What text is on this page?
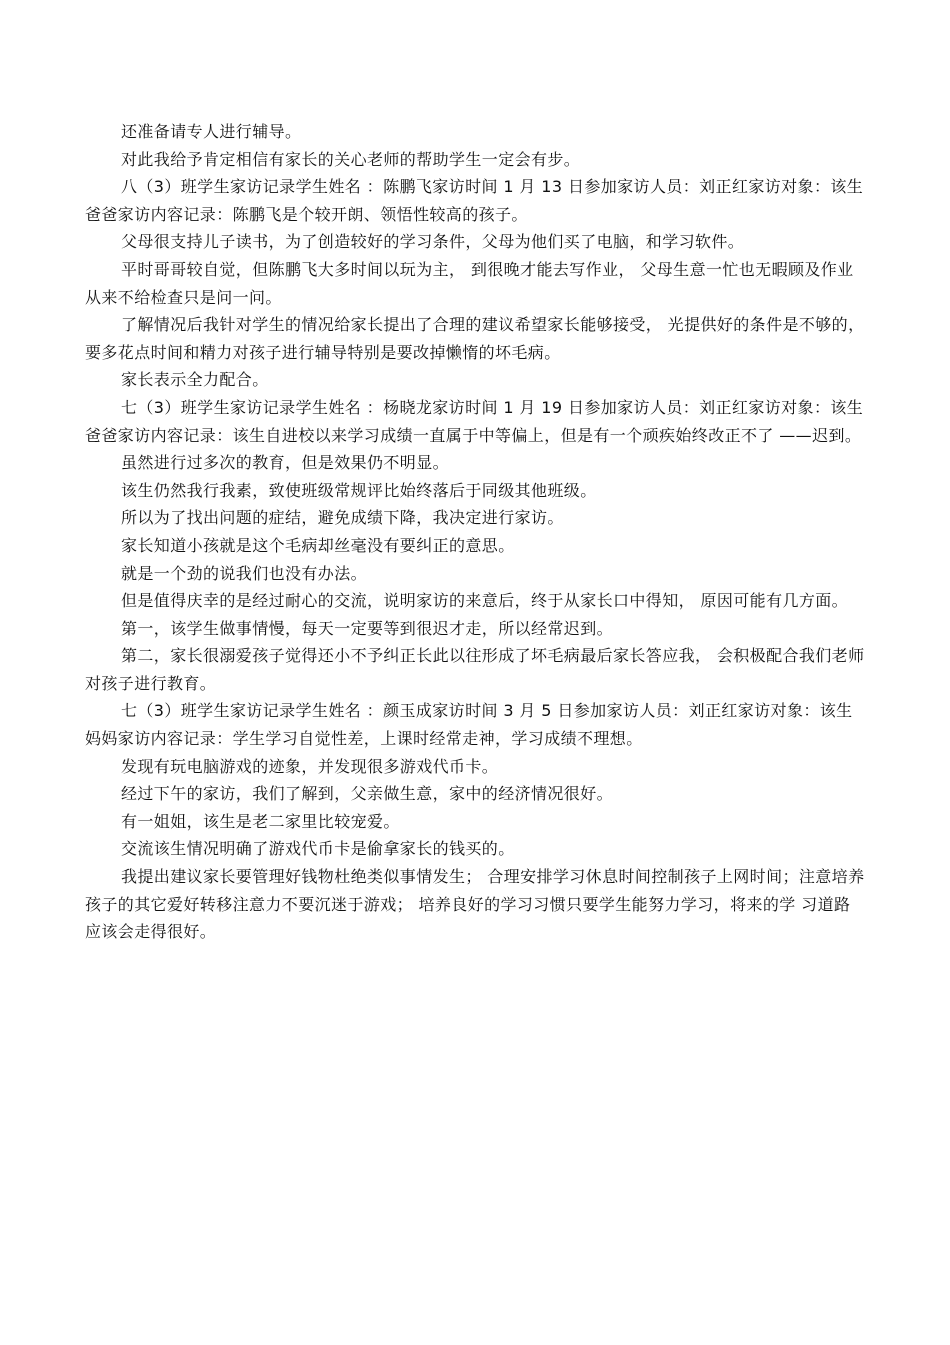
还准备请专人进行辅导。

对此我给予肯定相信有家长的关心老师的帮助学生一定会有步。

八（3）班学生家访记录学生姓名 ：陈鹏飞家访时间 1 月 13 日参加家访人员：刘正红家访对象：该生爸爸家访内容记录：陈鹏飞是个较开朗、领悟性较高的孩子。

父母很支持儿子读书，为了创造较好的学习条件，父母为他们买了电脑，和学习软件。

平时哥哥较自觉，但陈鹏飞大多时间以玩为主， 到很晚才能去写作业， 父母生意一忙也无暇顾及作业从来不给检查只是问一问。

了解情况后我针对学生的情况给家长提出了合理的建议希望家长能够接受， 光提供好的条件是不够的，要多花点时间和精力对孩子进行辅导特别是要改掉懒惰的坏毛病。

家长表示全力配合。

七（3）班学生家访记录学生姓名 ：杨晓龙家访时间 1 月 19 日参加家访人员：刘正红家访对象：该生爸爸家访内容记录：该生自进校以来学习成绩一直属于中等偏上，但是有一个顽疾始终改正不了 ——迟到。

虽然进行过多次的教育，但是效果仍不明显。

该生仍然我行我素，致使班级常规评比始终落后于同级其他班级。

所以为了找出问题的症结，避免成绩下降，我决定进行家访。

家长知道小孩就是这个毛病却丝毫没有要纠正的意思。

就是一个劲的说我们也没有办法。

但是值得庆幸的是经过耐心的交流，说明家访的来意后，终于从家长口中得知， 原因可能有几方面。

第一，该学生做事情慢，每天一定要等到很迟才走，所以经常迟到。

第二，家长很溺爱孩子觉得还小不予纠正长此以往形成了坏毛病最后家长答应我， 会积极配合我们老师对孩子进行教育。

七（3）班学生家访记录学生姓名 ：颜玉成家访时间 3 月 5 日参加家访人员：刘正红家访对象：该生妈妈家访内容记录：学生学习自觉性差，上课时经常走神，学习成绩不理想。

发现有玩电脑游戏的迹象，并发现很多游戏代币卡。

经过下午的家访，我们了解到，父亲做生意，家中的经济情况很好。

有一姐姐，该生是老二家里比较宠爱。

交流该生情况明确了游戏代币卡是偷拿家长的钱买的。

我提出建议家长要管理好钱物杜绝类似事情发生； 合理安排学习休息时间控制孩子上网时间；注意培养孩子的其它爱好转移注意力不要沉迷于游戏； 培养良好的学习习惯只要学生能努力学习，将来的学 习道路应该会走得很好。
